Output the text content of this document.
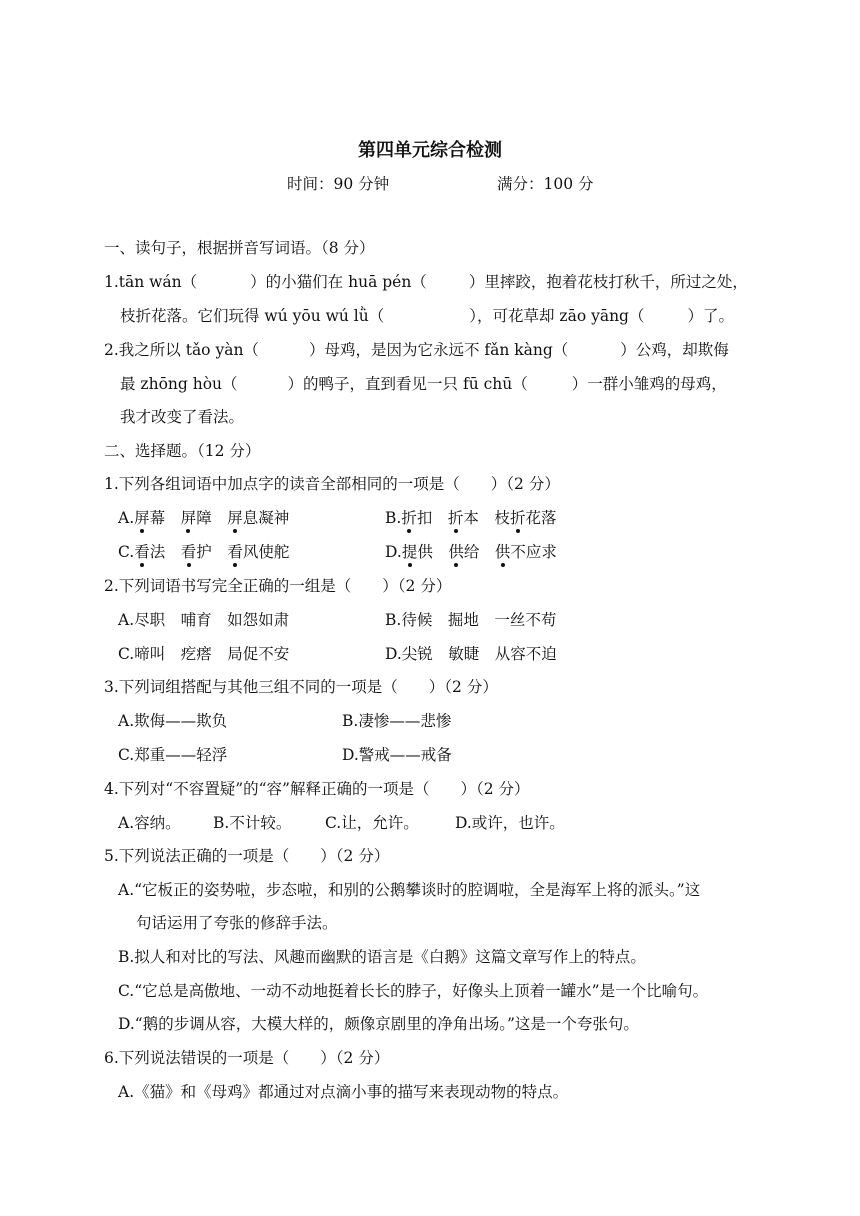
第四单元综合检测
时间：90 分钟	满分：100 分
一、读句子，根据拼音写词语。（8 分）
1.tān wán（	）的小猫们在 huā pén（	）里摔跤，抱着花枝打秋千，所过之处，
枝折花落。它们玩得 wú yōu wú lǜ（	），可花草却 zāo yāng（	）了。
2.我之所以 tǎo yàn（	）母鸡，是因为它永远不 fǎn kàng（	）公鸡，却欺侮
最 zhōng hòu（	）的鸭子，直到看见一只 fū chū（	）一群小雏鸡的母鸡，
我才改变了看法。
二、选择题。（12 分）
1.下列各组词语中加点字的读音全部相同的一项是（　　）（2 分）
A.屏幕　 屏障　 屏息凝神	B.折扣　 折本　 枝折花落
C.看法　 看护　 看风使舵	D.提供　 供给　 供不应求
2.下列词语书写完全正确的一组是（　　）（2 分）
A.尽职　哺育　如怨如肃	B.待候　掘地　一丝不苟
C.啼叫　疙瘩　局促不安	D.尖锐　敏睫　从容不迫
3.下列词组搭配与其他三组不同的一项是（　　）（2 分）
A.欺侮——欺负	B.凄惨——悲惨
C.郑重——轻浮	D.警戒——戒备
4.下列对“不容置疑”的“容”解释正确的一项是（　　）（2 分）
A.容纳。 B.不计较。 C.让，允许。 D.或许，也许。
5.下列说法正确的一项是（　　）（2 分）
A.“它板正的姿势啦，步态啦，和别的公鹅攀谈时的腔调啦，全是海军上将的派头。”这
句话运用了夸张的修辞手法。
B.拟人和对比的写法、风趣而幽默的语言是《白鹅》这篇文章写作上的特点。
C.“它总是高傲地、一动不动地挺着长长的脖子，好像头上顶着一罐水”是一个比喻句。
D.“鹅的步调从容，大模大样的，颇像京剧里的净角出场。”这是一个夸张句。
6.下列说法错误的一项是（　　）（2 分）
A.《猫》和《母鸡》都通过对点滴小事的描写来表现动物的特点。
